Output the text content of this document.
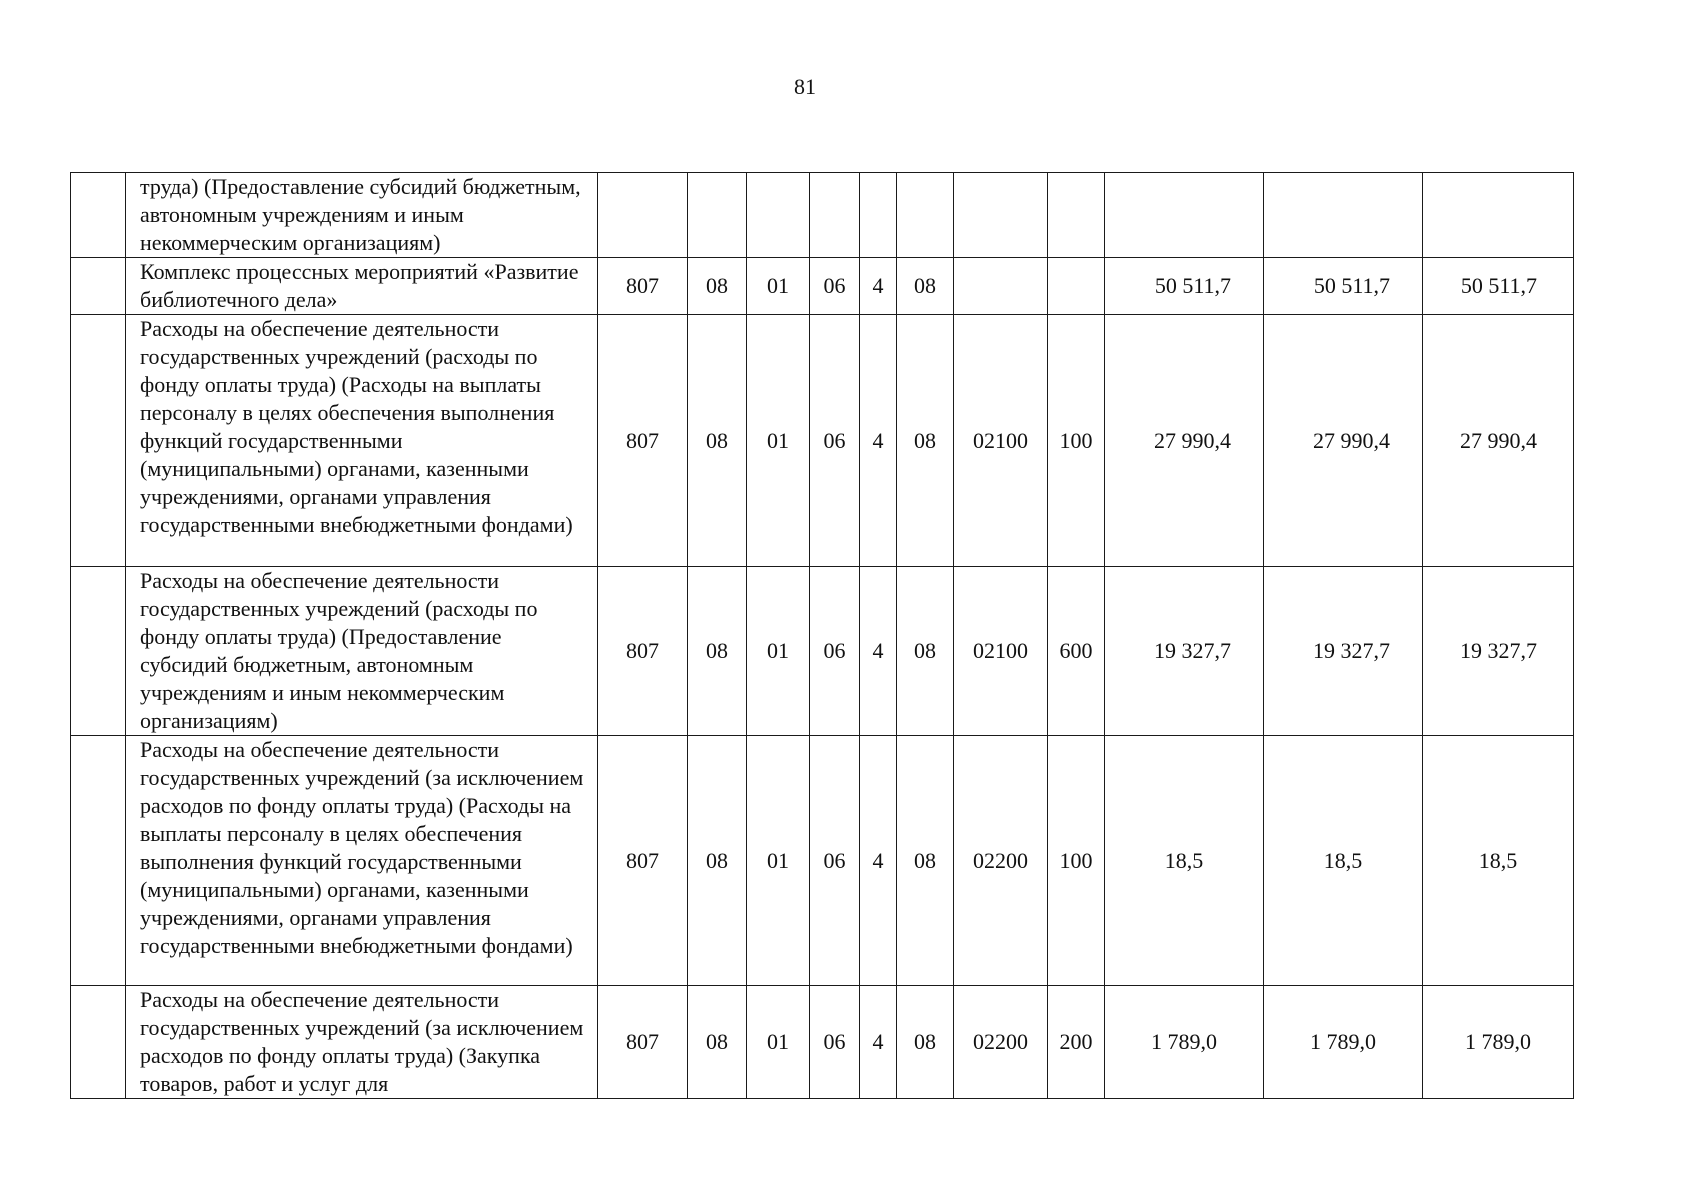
81
	труда) (Предоставление субсидий бюджетным, автономным учреждениям и иным некоммерческим организациям)											
	Комплекс процессных мероприятий «Развитие библиотечного дела»	807	08	01	06	4	08			50 511,7	50 511,7	50 511,7
	Расходы на обеспечение деятельности государственных учреждений (расходы по фонду оплаты труда) (Расходы на выплаты персоналу в целях обеспечения выполнения функций государственными (муниципальными) органами, казенными учреждениями, органами управления государственными внебюджетными фондами)	807	08	01	06	4	08	02100	100	27 990,4	27 990,4	27 990,4
	Расходы на обеспечение деятельности государственных учреждений (расходы по фонду оплаты труда) (Предоставление субсидий бюджетным, автономным учреждениям и иным некоммерческим организациям)	807	08	01	06	4	08	02100	600	19 327,7	19 327,7	19 327,7
	Расходы на обеспечение деятельности государственных учреждений (за исключением расходов по фонду оплаты труда) (Расходы на выплаты персоналу в целях обеспечения выполнения функций государственными (муниципальными) органами, казенными учреждениями, органами управления государственными внебюджетными фондами)	807	08	01	06	4	08	02200	100	18,5	18,5	18,5
	Расходы на обеспечение деятельности государственных учреждений (за исключением расходов по фонду оплаты труда) (Закупка товаров, работ и услуг для	807	08	01	06	4	08	02200	200	1 789,0	1 789,0	1 789,0
